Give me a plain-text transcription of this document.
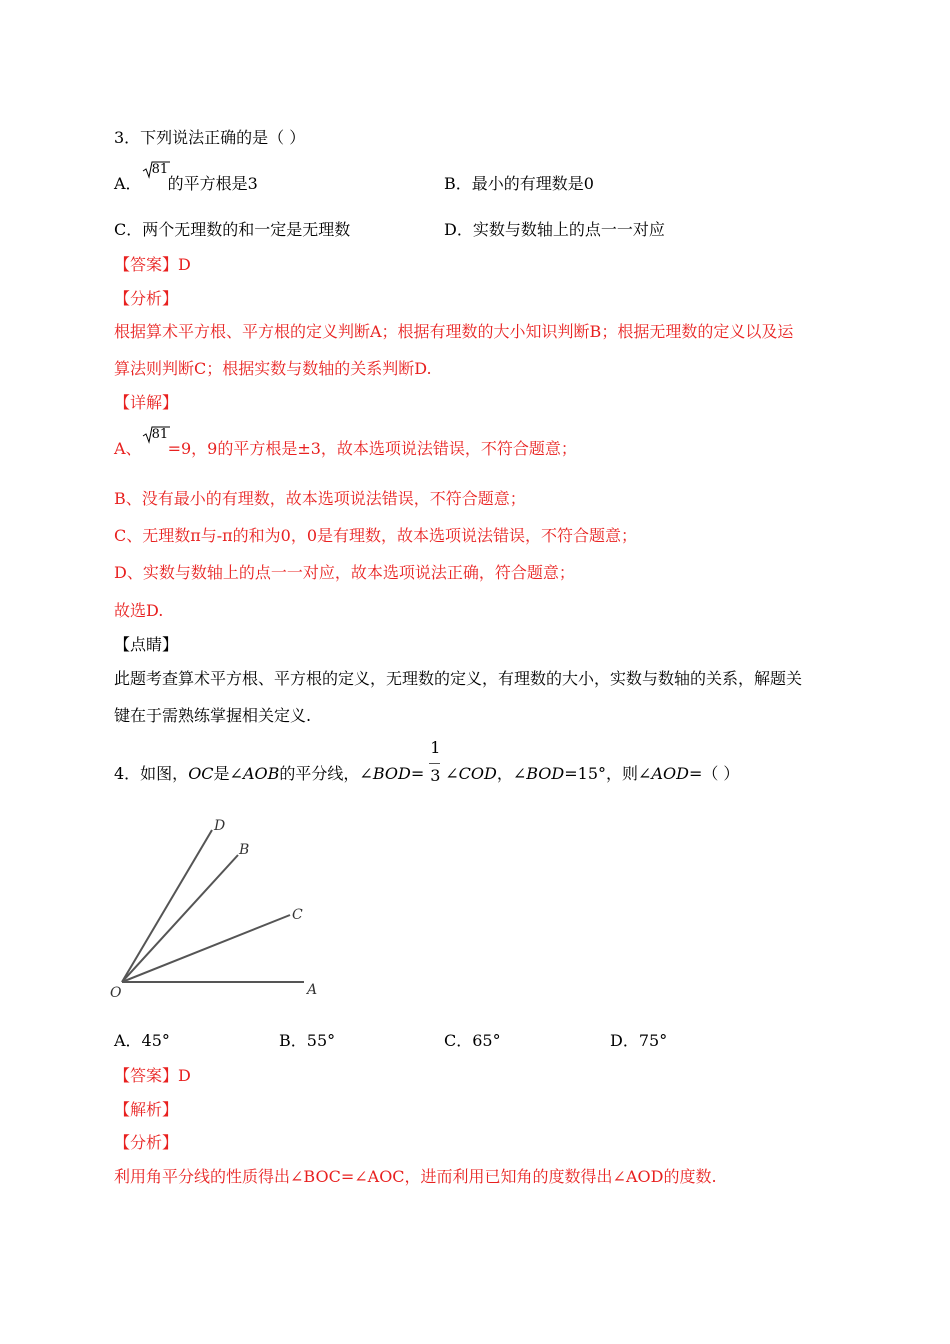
3．下列说法正确的是（ ）
A．
81
的平方根是3	B．最小的有理数是0
C．两个无理数的和一定是无理数	D．实数与数轴上的点一一对应
【答案】D
【分析】
根据算术平方根、平方根的定义判断A；根据有理数的大小知识判断B；根据无理数的定义以及运
算法则判断C；根据实数与数轴的关系判断D.
【详解】
A、
81
=9，9的平方根是±3，故本选项说法错误，不符合题意；
B、没有最小的有理数，故本选项说法错误，不符合题意；
C、无理数π与-π的和为0，0是有理数，故本选项说法错误，不符合题意；
D、实数与数轴上的点一一对应，故本选项说法正确，符合题意；
故选D.
【点睛】
此题考查算术平方根、平方根的定义，无理数的定义，有理数的大小，实数与数轴的关系，解题关
键在于需熟练掌握相关定义.
4．如图，OC是∠AOB的平分线，∠BOD= $\frac{1}{3}$ ∠COD，∠BOD=15°，则∠AOD=（ ）
D
B
C
O	A
A．45°	B．55°	C．65°	D．75°
【答案】D
【解析】
【分析】
利用角平分线的性质得出∠BOC=∠AOC，进而利用已知角的度数得出∠AOD的度数.
